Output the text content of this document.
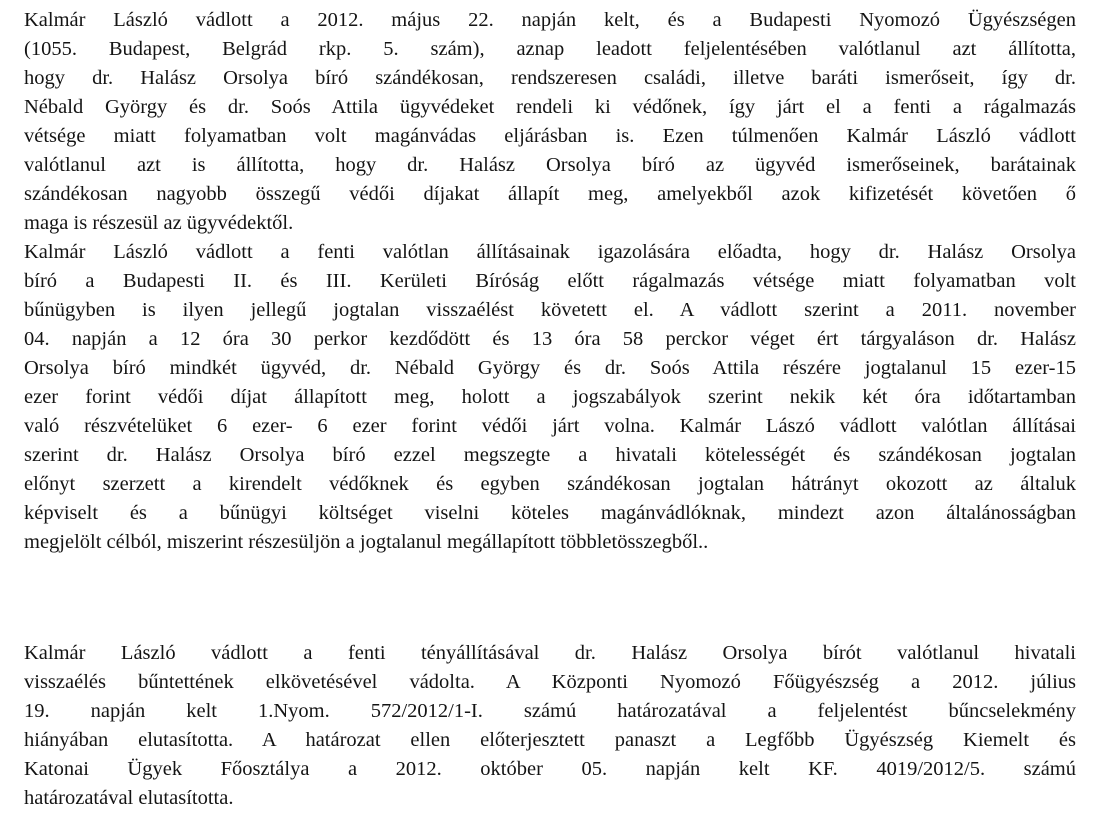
Kalmár László vádlott a 2012. május 22. napján kelt, és a Budapesti Nyomozó Ügyészségen
(1055. Budapest, Belgrád rkp. 5. szám), aznap leadott feljelentésében valótlanul azt állította,
hogy dr. Halász Orsolya bíró szándékosan, rendszeresen családi, illetve baráti ismerőseit, így dr.
Nébald György és dr. Soós Attila ügyvédeket rendeli ki védőnek, így járt el a fenti a rágalmazás
vétsége miatt folyamatban volt magánvádas eljárásban is. Ezen túlmenően Kalmár László vádlott
valótlanul azt is állította, hogy dr. Halász Orsolya bíró az ügyvéd ismerőseinek, barátainak
szándékosan nagyobb összegű védői díjakat állapít meg, amelyekből azok kifizetését követően ő
maga is részesül az ügyvédektől.
Kalmár László vádlott a fenti valótlan állításainak igazolására előadta, hogy dr. Halász Orsolya
bíró a Budapesti II. és III. Kerületi Bíróság előtt rágalmazás vétsége miatt folyamatban volt
bűnügyben is ilyen jellegű jogtalan visszaélést követett el. A vádlott szerint a 2011. november
04. napján a 12 óra 30 perkor kezdődött és 13 óra 58 perckor véget ért tárgyaláson dr. Halász
Orsolya bíró mindkét ügyvéd, dr. Nébald György és dr. Soós Attila részére jogtalanul 15 ezer-15
ezer forint védői díjat állapított meg, holott a jogszabályok szerint nekik két óra időtartamban
való részvételüket 6 ezer- 6 ezer forint védői járt volna. Kalmár Lászó vádlott valótlan állításai
szerint dr. Halász Orsolya bíró ezzel megszegte a hivatali kötelességét és szándékosan jogtalan
előnyt szerzett a kirendelt védőknek és egyben szándékosan jogtalan hátrányt okozott az általuk
képviselt és a bűnügyi költséget viselni köteles magánvádlóknak, mindezt azon általánosságban
megjelölt célból, miszerint részesüljön a jogtalanul megállapított többletösszegből..
Kalmár László vádlott a fenti tényállításával dr. Halász Orsolya bírót valótlanul hivatali
visszaélés bűntettének elkövetésével vádolta. A Központi Nyomozó Főügyészség a 2012. július
19. napján kelt 1.Nyom. 572/2012/1-I. számú határozatával a feljelentést bűncselekmény
hiányában elutasította. A határozat ellen előterjesztett panaszt a Legfőbb Ügyészség Kiemelt és
Katonai Ügyek Főosztálya a 2012. október 05. napján kelt KF. 4019/2012/5. számú
határozatával elutasította.
